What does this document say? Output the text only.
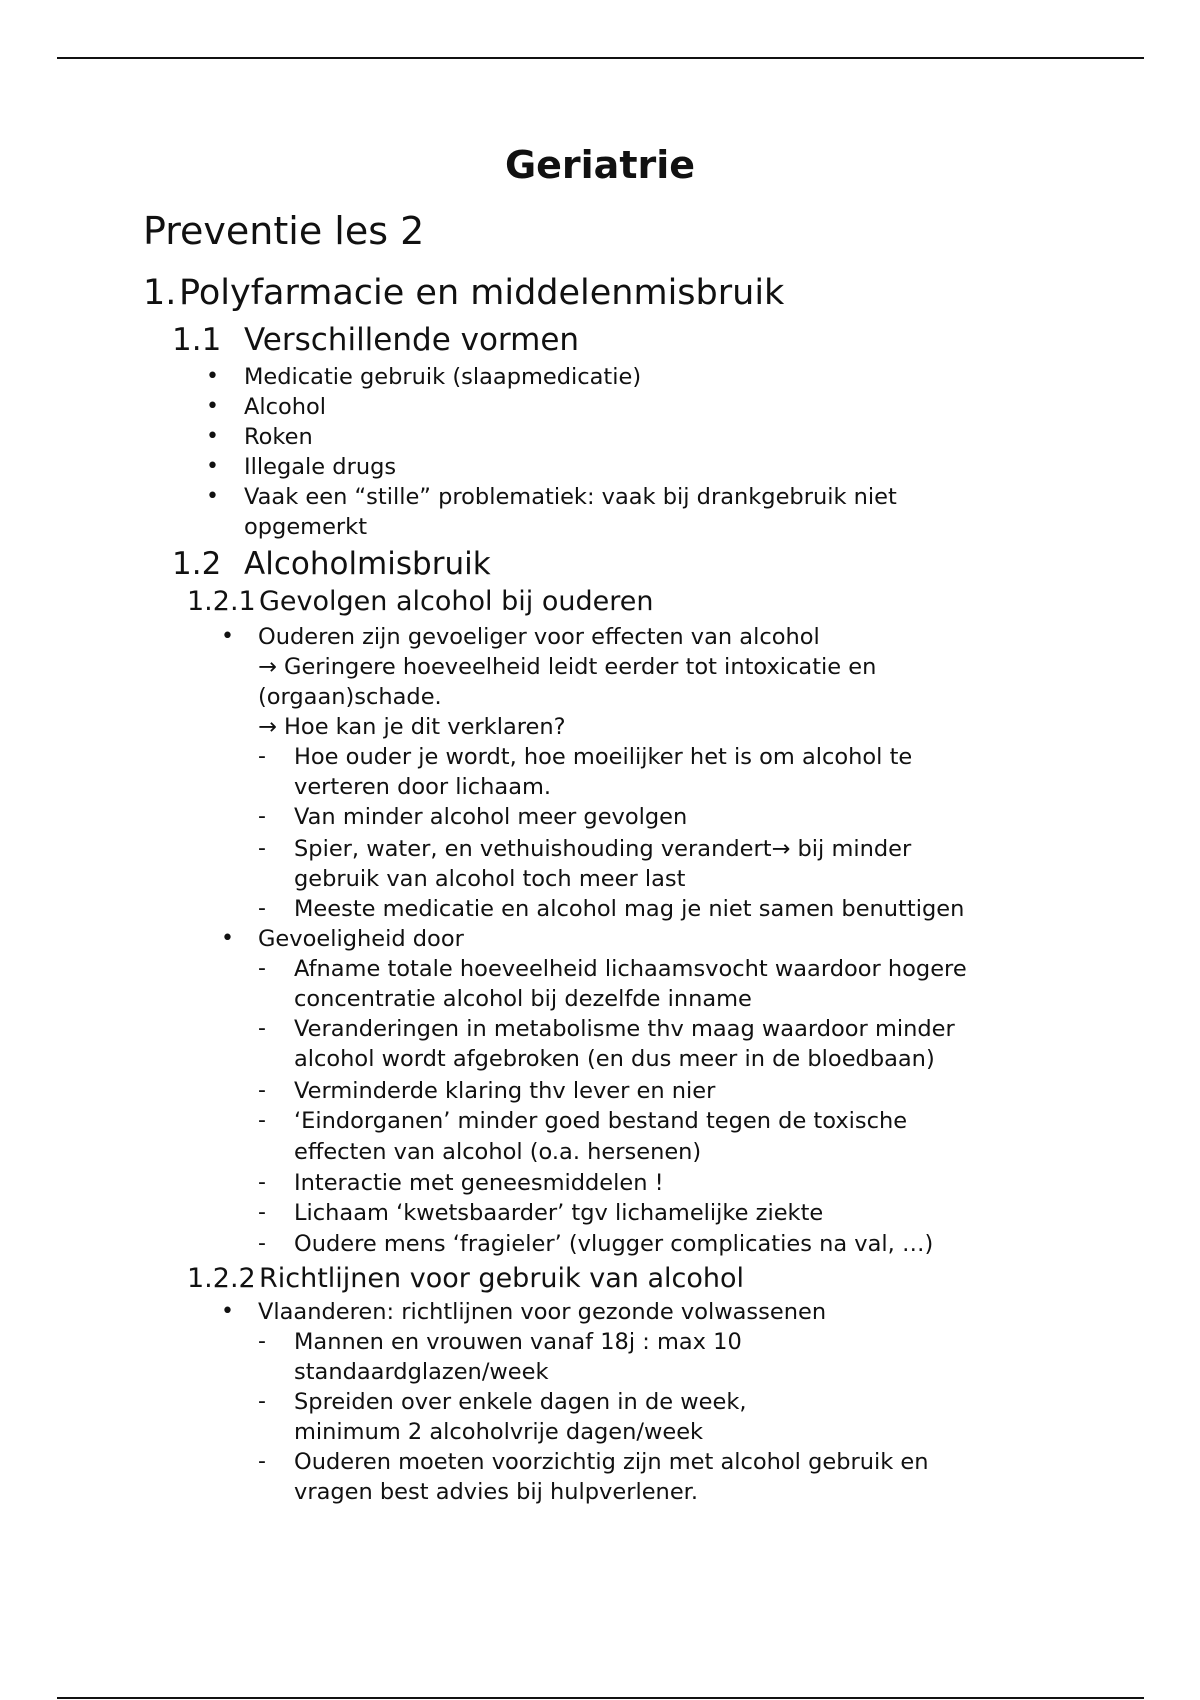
Geriatrie
Preventie les 2
1.Polyfarmacie en middelenmisbruik
1.1 Verschillende vormen
• Medicatie gebruik (slaapmedicatie)
• Alcohol
• Roken
• Illegale drugs
• Vaak een “stille” problematiek: vaak bij drankgebruik niet
opgemerkt
1.2 Alcoholmisbruik
1.2.1 Gevolgen alcohol bij ouderen
• Ouderen zijn gevoeliger voor effecten van alcohol
→ Geringere hoeveelheid leidt eerder tot intoxicatie en
(orgaan)schade.
→ Hoe kan je dit verklaren?
- Hoe ouder je wordt, hoe moeilijker het is om alcohol te
verteren door lichaam.
- Van minder alcohol meer gevolgen
- Spier, water, en vethuishouding verandert→ bij minder
gebruik van alcohol toch meer last
- Meeste medicatie en alcohol mag je niet samen benuttigen
• Gevoeligheid door
- Afname totale hoeveelheid lichaamsvocht waardoor hogere
concentratie alcohol bij dezelfde inname
- Veranderingen in metabolisme thv maag waardoor minder
alcohol wordt afgebroken (en dus meer in de bloedbaan)
- Verminderde klaring thv lever en nier
- ‘Eindorganen’ minder goed bestand tegen de toxische
effecten van alcohol (o.a. hersenen)
- Interactie met geneesmiddelen !
- Lichaam ‘kwetsbaarder’ tgv lichamelijke ziekte
- Oudere mens ‘fragieler’ (vlugger complicaties na val, …)
1.2.2 Richtlijnen voor gebruik van alcohol
• Vlaanderen: richtlijnen voor gezonde volwassenen
- Mannen en vrouwen vanaf 18j : max 10
standaardglazen/week
- Spreiden over enkele dagen in de week,
minimum 2 alcoholvrije dagen/week
- Ouderen moeten voorzichtig zijn met alcohol gebruik en
vragen best advies bij hulpverlener.
